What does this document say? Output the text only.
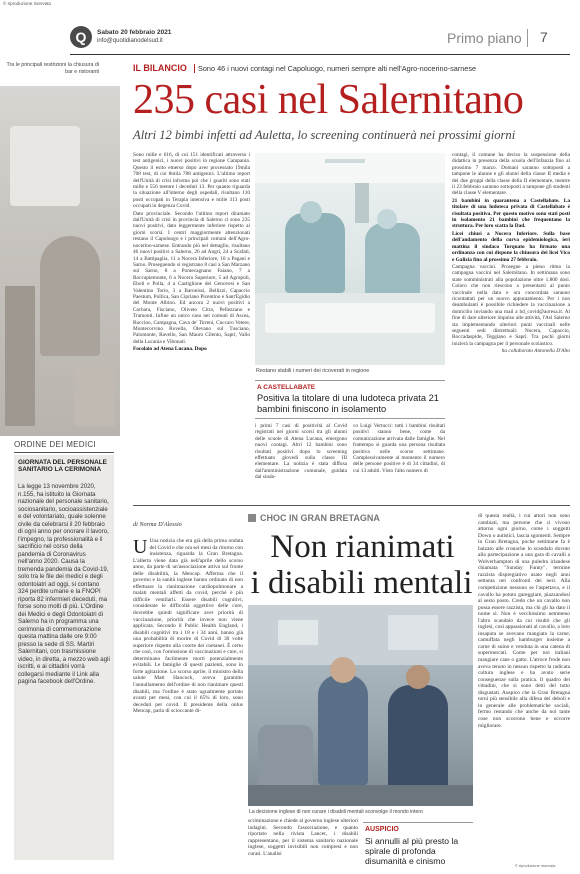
© riproduzione riservata
Q	Sabato 20 febbraio 2021
info@quotidianodelsud.it	Primo piano 7
Tra le principali restrizioni la chiusura di bar e ristoranti
ORDINE DEI MEDICI
GIORNATA DEL PERSONALE SANITARIO LA CERIMONIA
La legge 13 novembre 2020, n.155, ha istituito la Giornata nazionale del personale sanitario, sociosanitario, socioassistenziale e del volontariato, quale solenne civile da celebrarsi il 20 febbraio di ogni anno per onorare il lavoro, l'impegno, la professionalità e il sacrificio nel corso della pandemia di Coronavirus nell'anno 2020. Causa la tremenda pandemia da Covid-19, solo tra le file dei medici e degli odontoiatri ad oggi, si contano 324 perdite umane e la FNOPI riporta 82 infermieri deceduti, ma forse sono molti di più. L'Ordine dei Medici e degli Odontoiatri di Salerno ha in programma una cerimonia di commemorazione questa mattina dalle ore 9:00 presso la sede di SS. Martiri Salernitani, con trasmissione video, in diretta, a mezzo web agli iscritti, e ai cittadini vorrà collegarsi mediante il Link alla pagina facebook dell'Ordine.
IL BILANCIO Sono 46 i nuovi contagi nel Capoluogo, numeri sempre alti nell'Agro-nocerino-sarnese
235 casi nel Salernitano
Altri 12 bimbi infetti ad Auletta, lo screening continuerà nei prossimi giorni

Sono mille e 616, di cui 151 identificati attraverso i test antigenici, i nuovi positivi in regione Campania. Questo il esito emerso dopo aver processato 19mila 708 test, di cui 8mila 788 antigenici. L'ultimo report dell'Unità di crisi informa poi che i guariti sono stati mille e 556 mentre i deceduti 13. Per quanto riguarda la situazione all'interno degli ospedali, risultano 110 posti occupati in Terapia intensiva e mille 313 posti occupati in degenza Covid.

Dato provinciale. Secondo l'ultimo report diramato dall'Unità di crisi in provincia di Salerno ci sono 235 nuovi positivi, dato leggermente inferiore rispetto ai giorni scorsi. I centri maggiormente attenzionati restano il Capoluogo e i principali comuni dell'Agro-nocerino-sarnese. Entrando più nel dettaglio, risultano 46 nuovi positivi a Salerno, 26 ad Angri, 24 a Scafati, 14 a Battipaglia, 11 a Nocera Inferiore, 10 a Pagani e Sarno. Proseguendo si registrano 8 casi a San Marzano sul Sarno, 8 a Pontecagnano Faiano, 7 a Roccapiemonte, 6 a Nocera Superiore, 5 ad Agropoli, Eboli e Polla, 4 a Castiglione dei Genovesi e San Valentino Torio, 3 a Baronissi, Bellizzi, Capaccio Paestum, Pollica, San Cipriano Picentino e Sant'Egidio del Monte Albino. Ed ancora 2 nuovi positivi a Corbara, Fisciano, Oliveto Citra, Pellezzano e Tramonti. Infine un unico caso nei comuni di Ascea, Buccino, Campagna, Cava de' Tirreni, Cuccaro Vetere, Montecorvino Rovella, Olevano sul Tusciano, Palomonte, Ravello, San Mauro Cilento, Sapri, Vallo della Lucania e Vibonati.

Focolaio ad Atena Lucana. Dopo

Restano stabili i numeri dei ricoverati in regione
A CASTELLABATE
Positiva la titolare di una ludoteca privata 21 bambini finiscono in isolamento
i primi 7 casi di positività al Covid registrati nei giorni scorsi tra gli alunni delle scuole di Atena Lucana, emergono nuovi contagi. Altri 12 bambini sono risultati positivi dopo lo screening effettuato giovedì sulla classe III elementare. La notizia è stata diffusa dall'amministrazione comunale, guidata dal sinda-
co Luigi Vertucci: tutti i bambini risultati positivi stanno bene, come da comunicazione arrivata dalle famiglie. Nel frattempo si guarda una persona risultata positiva nelle scorse settimane. Complessivamente al momento il numero delle persone positive è di 34 cittadini, di cui 13 adulti. Visto l'alto numero di

contagi, il comune ha deciso la sospensione della didattica in presenza della scuola dell'Infanzia fino al prossimo 7 marzo. Domani saranno sottoposti a tampone le alunne e gli alunni della classe II media e dei due gruppi della classe della II elementare, mentre il 23 febbraio saranno sottoposti a tampone gli studenti della classe V elementare.

21 bambini in quarantena a Castellabate. La titolare di una ludoteca privata di Castellabate è risultata positiva. Per questo motivo sono stati posti in isolamento 21 bambini che frequentano la struttura. Per loro scatta la Dad.

Licei chiusi a Nocera Inferiore. Sulla base dell'andamento della curva epidemiologica, ieri mattina il sindaco Torquato ha firmato una ordinanza con cui dispone la chiusura dei licei Vico e Galizia fino al prossimo 27 febbraio.

Campagna vaccini. Prosegue a pieno ritmo la campagna vaccini nel Salernitano. In settimana sono state somministrati alla popolazione oltre 1.800 dosi. Coloro che non riescono a presentarsi al punto vaccinale nella data e ora concordata saranno ricontattati per un nuovo appuntamento. Per i non deambulanti è possibile richiedere la vaccinazione a domicilio inviando una mail a hd_covid@aoresa.it. Al fine di dare ulteriore impulso alle attività, l'Asl Salerno sta implementando ulteriori punti vaccinali nelle seguenti sedi distrettuali: Nocera, Capaccio, Roccadaspide, Teggiano e Sapri. Tra pochi giorni inizierà la campagna per il personale scolastico.

ha collaborato Antonella D'Alto

di Norma D'Alessio
CHOC IN GRAN BRETAGNA
Non rianimati
i disabili mentali
U Una notizia che era già della prima ondata del Covid e che ora sei mesi da ritorno con insistenza, riguarda la Gran Bretagna. L'allerta viene data già nell'aprile dello scorso anno, da parte di un'associazione attiva sul fronte delle disabilità, la Mencap. Afferma che il governo e la sanità inglese hanno ordinato di non effettuare la rianimazione cardiopolmonare a malati mentali affetti da covid, perché è più difficile ventilarli. Essere disabili cognitivi, considerate le difficoltà oggettive delle cure, dovrebbe quindi significare aver priorità di vaccinazione, priorità che invece non viene applicata. Secondo il Public Health England, i disabili cognitivi tra i 18 e i 34 anni, hanno già una probabilità di morire di Covid di 30 volte superiore rispetto alla coorte dei coetanei. È certo che così, con l'omissione di vaccinazioni e cure, si determinano facilmente morti potenzialmente evitabili. Le famiglie di questi pazienti, sono in forte agitazione. Lo scorso aprile, il ministro della salute Matt Hancock, aveva garantito l'annullamento dell'ordine di non rianimare questi disabili, ma l'ordine è stato ugualmente portato avanti per mesi, con cui il 65% di loro, sono deceduti per covid. Il presidente della onlus Mencap, parla di scioccante di-
La decisione inglese di non curare i disabili mentali sconvolge il mondo intero
scriminazione e chiede al governo inglese ulteriori indagini. Secondo l'associazione, e quanto riportato nella rivista Lancet, i disabili rappresentano, per il sistema sanitario nazionale inglese, soggetti invisibili non compresi e non curati. L'analisi
AUSPICIO
Si annulli al più presto la spirale di profonda disumanità e cinismo
di questa realtà, i cui attori non sono cambiati, ma persone che ci vivono attorno ogni giorno, come i soggetti Down o autistici, lascia sgomenti. Sempre in Gran Bretagna, poche settimane fa è balzato alle cronache lo scandalo dovuto alla partecipazione a una gara di cavalli a Wolverhampton di una puledra irlandese chiamata "Sunday Funny", termine razzista dispregiativo usato negli anni settanta nei confronti dei neri. Alla competizione nessuno se l'aspettava, e il cavallo ha potuto gareggiare, piazzandosi al sesto posto. Credo che un cavallo non possa essere razzista, ma chi gli ha dato il nome sì. Non è vecchissimo nemmeno l'altro scandalo da cui risultò che gli inglesi, così appassionati al cavallo, a loro insaputa se avevano mangiato la carne, camuffata negli hamburger insieme a carne di suino e venduta in una catena di supermercati. Come per noi italiani mangiare cane o gatto. L'atroce frode non aveva tenuto in nessun rispetto la radicata cultura inglese e ha avuto serie conseguenze sulla pratica. Il quadro dei cittadini, che si sono detti del tutto disgustati. Auspico che la Gran Bretagna torni più sensibile alla difesa dei deboli e in generale alle problematiche sociali, fermo restando che anche da noi tante cose non scorrono bene e occorre migliorare.
© riproduzione riservata
